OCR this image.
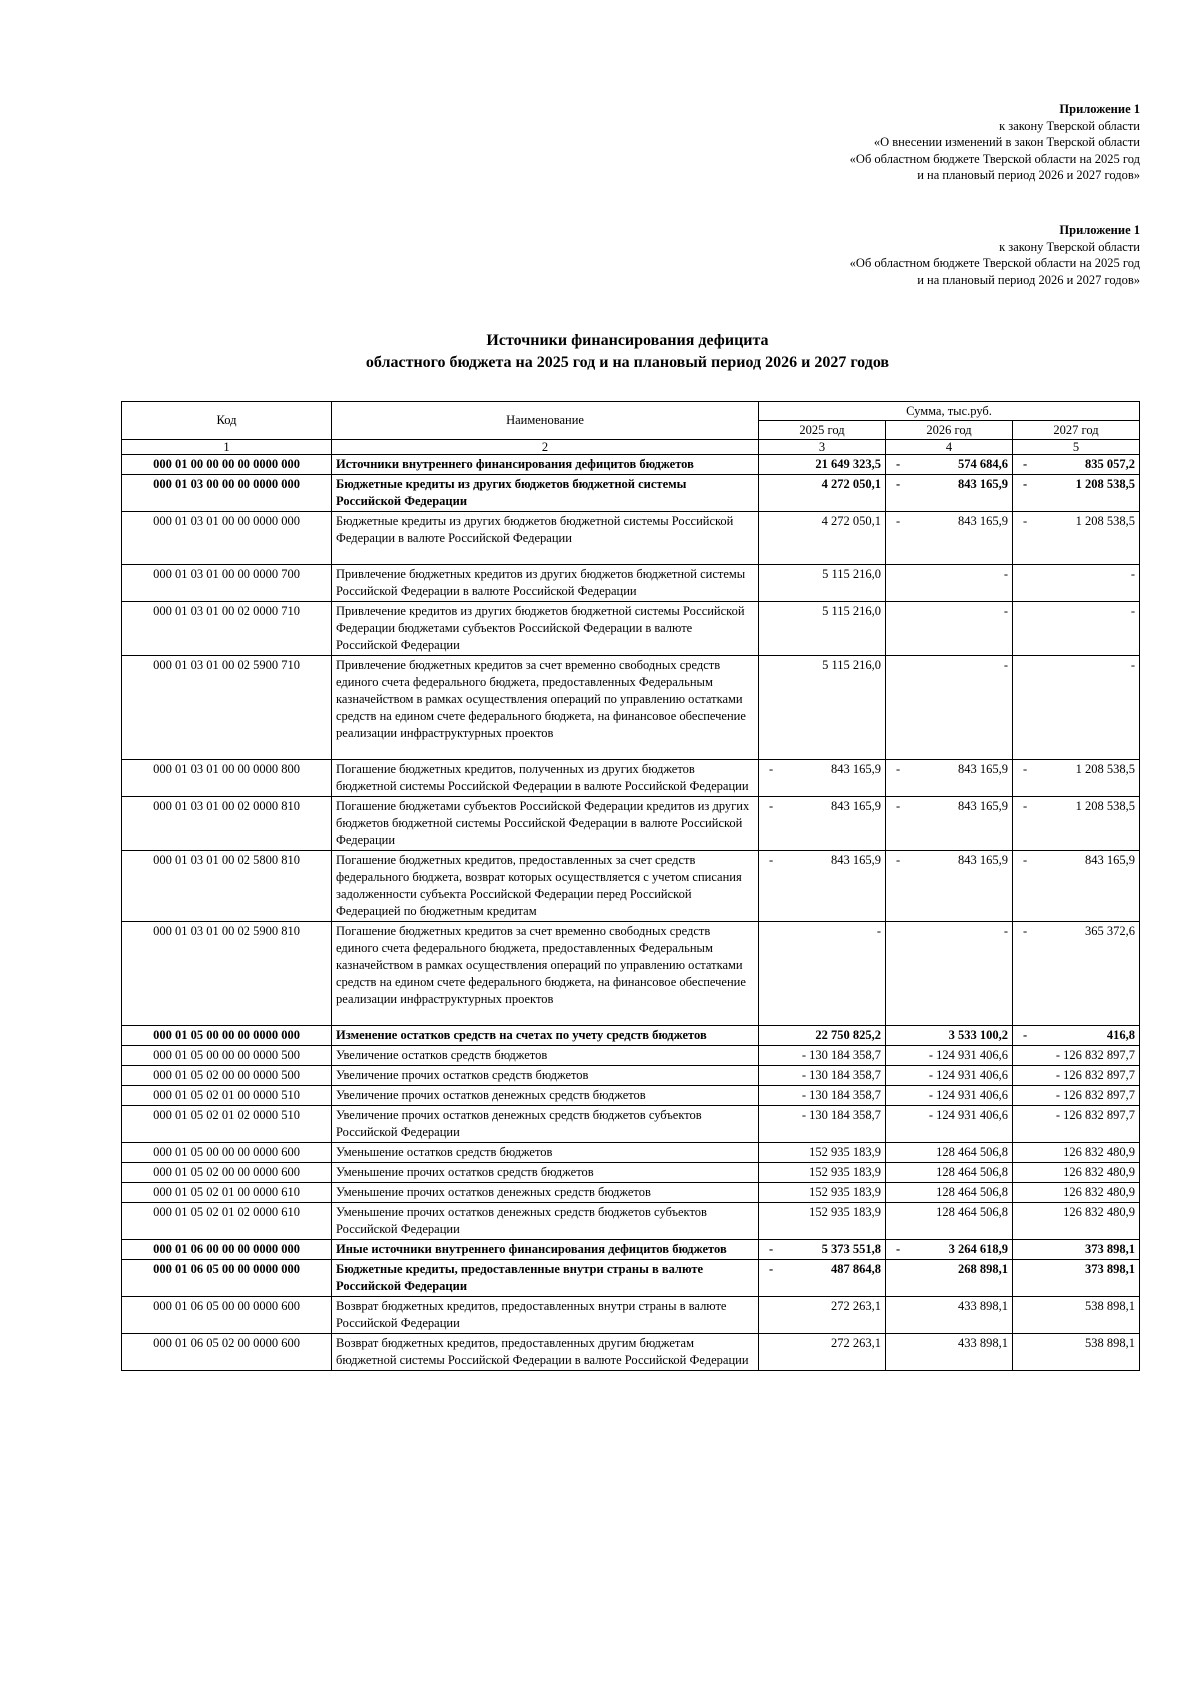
Приложение 1
к закону Тверской области
«О внесении изменений в закон Тверской области
«Об областном бюджете Тверской области на 2025 год
и на плановый период 2026 и 2027 годов»
Приложение 1
к закону Тверской области
«Об областном бюджете Тверской области на 2025 год
и на плановый период 2026 и 2027 годов»
Источники финансирования дефицита
областного бюджета на 2025 год и на плановый период 2026 и 2027 годов
Код	Наименование	Сумма, тыс.руб.		
		2025 год	2026 год	2027 год
1	2	3	4	5
000 01 00 00 00 00 0000 000	Источники внутреннего финансирования дефицитов бюджетов	21 649 323,5	- 574 684,6	- 835 057,2
000 01 03 00 00 00 0000 000	Бюджетные кредиты из других бюджетов бюджетной системы Российской Федерации	4 272 050,1	- 843 165,9	- 1 208 538,5
000 01 03 01 00 00 0000 000	Бюджетные кредиты из других бюджетов бюджетной системы Российской Федерации в валюте Российской Федерации	4 272 050,1	- 843 165,9	- 1 208 538,5
000 01 03 01 00 00 0000 700	Привлечение бюджетных кредитов из других бюджетов бюджетной системы Российской Федерации в валюте Российской Федерации	5 115 216,0	-	-
000 01 03 01 00 02 0000 710	Привлечение кредитов из других бюджетов бюджетной системы Российской Федерации бюджетами субъектов Российской Федерации в валюте Российской Федерации	5 115 216,0	-	-
000 01 03 01 00 02 5900 710	Привлечение бюджетных кредитов за счет временно свободных средств единого счета федерального бюджета, предоставленных Федеральным казначейством в рамках осуществления операций по управлению остатками средств на едином счете федерального бюджета, на финансовое обеспечение реализации инфраструктурных проектов	5 115 216,0	-	-
000 01 03 01 00 00 0000 800	Погашение бюджетных кредитов, полученных из других бюджетов бюджетной системы Российской Федерации в валюте Российской Федерации	- 843 165,9	- 843 165,9	- 1 208 538,5
000 01 03 01 00 02 0000 810	Погашение бюджетами субъектов Российской Федерации кредитов из других бюджетов бюджетной системы Российской Федерации в валюте Российской Федерации	- 843 165,9	- 843 165,9	- 1 208 538,5
000 01 03 01 00 02 5800 810	Погашение бюджетных кредитов, предоставленных за счет средств федерального бюджета, возврат которых осуществляется с учетом списания задолженности субъекта Российской Федерации перед Российской Федерацией по бюджетным кредитам	- 843 165,9	- 843 165,9	- 843 165,9
000 01 03 01 00 02 5900 810	Погашение бюджетных кредитов за счет временно свободных средств единого счета федерального бюджета, предоставленных Федеральным казначейством в рамках осуществления операций по управлению остатками средств на едином счете федерального бюджета, на финансовое обеспечение реализации инфраструктурных проектов	-	-	- 365 372,6
000 01 05 00 00 00 0000 000	Изменение остатков средств на счетах по учету средств бюджетов	22 750 825,2	3 533 100,2	- 416,8
000 01 05 00 00 00 0000 500	Увеличение остатков средств бюджетов	- 130 184 358,7	- 124 931 406,6	- 126 832 897,7
000 01 05 02 00 00 0000 500	Увеличение прочих остатков средств бюджетов	- 130 184 358,7	- 124 931 406,6	- 126 832 897,7
000 01 05 02 01 00 0000 510	Увеличение прочих остатков денежных средств бюджетов	- 130 184 358,7	- 124 931 406,6	- 126 832 897,7
000 01 05 02 01 02 0000 510	Увеличение прочих остатков денежных средств бюджетов субъектов Российской Федерации	- 130 184 358,7	- 124 931 406,6	- 126 832 897,7
000 01 05 00 00 00 0000 600	Уменьшение остатков средств бюджетов	152 935 183,9	128 464 506,8	126 832 480,9
000 01 05 02 00 00 0000 600	Уменьшение прочих остатков средств бюджетов	152 935 183,9	128 464 506,8	126 832 480,9
000 01 05 02 01 00 0000 610	Уменьшение прочих остатков денежных средств бюджетов	152 935 183,9	128 464 506,8	126 832 480,9
000 01 05 02 01 02 0000 610	Уменьшение прочих остатков денежных средств бюджетов субъектов Российской Федерации	152 935 183,9	128 464 506,8	126 832 480,9
000 01 06 00 00 00 0000 000	Иные источники внутреннего финансирования дефицитов бюджетов	- 5 373 551,8	- 3 264 618,9	373 898,1
000 01 06 05 00 00 0000 000	Бюджетные кредиты, предоставленные внутри страны в валюте Российской Федерации	- 487 864,8	268 898,1	373 898,1
000 01 06 05 00 00 0000 600	Возврат бюджетных кредитов, предоставленных внутри страны в валюте Российской Федерации	272 263,1	433 898,1	538 898,1
000 01 06 05 02 00 0000 600	Возврат бюджетных кредитов, предоставленных другим бюджетам бюджетной системы Российской Федерации в валюте Российской Федерации	272 263,1	433 898,1	538 898,1
